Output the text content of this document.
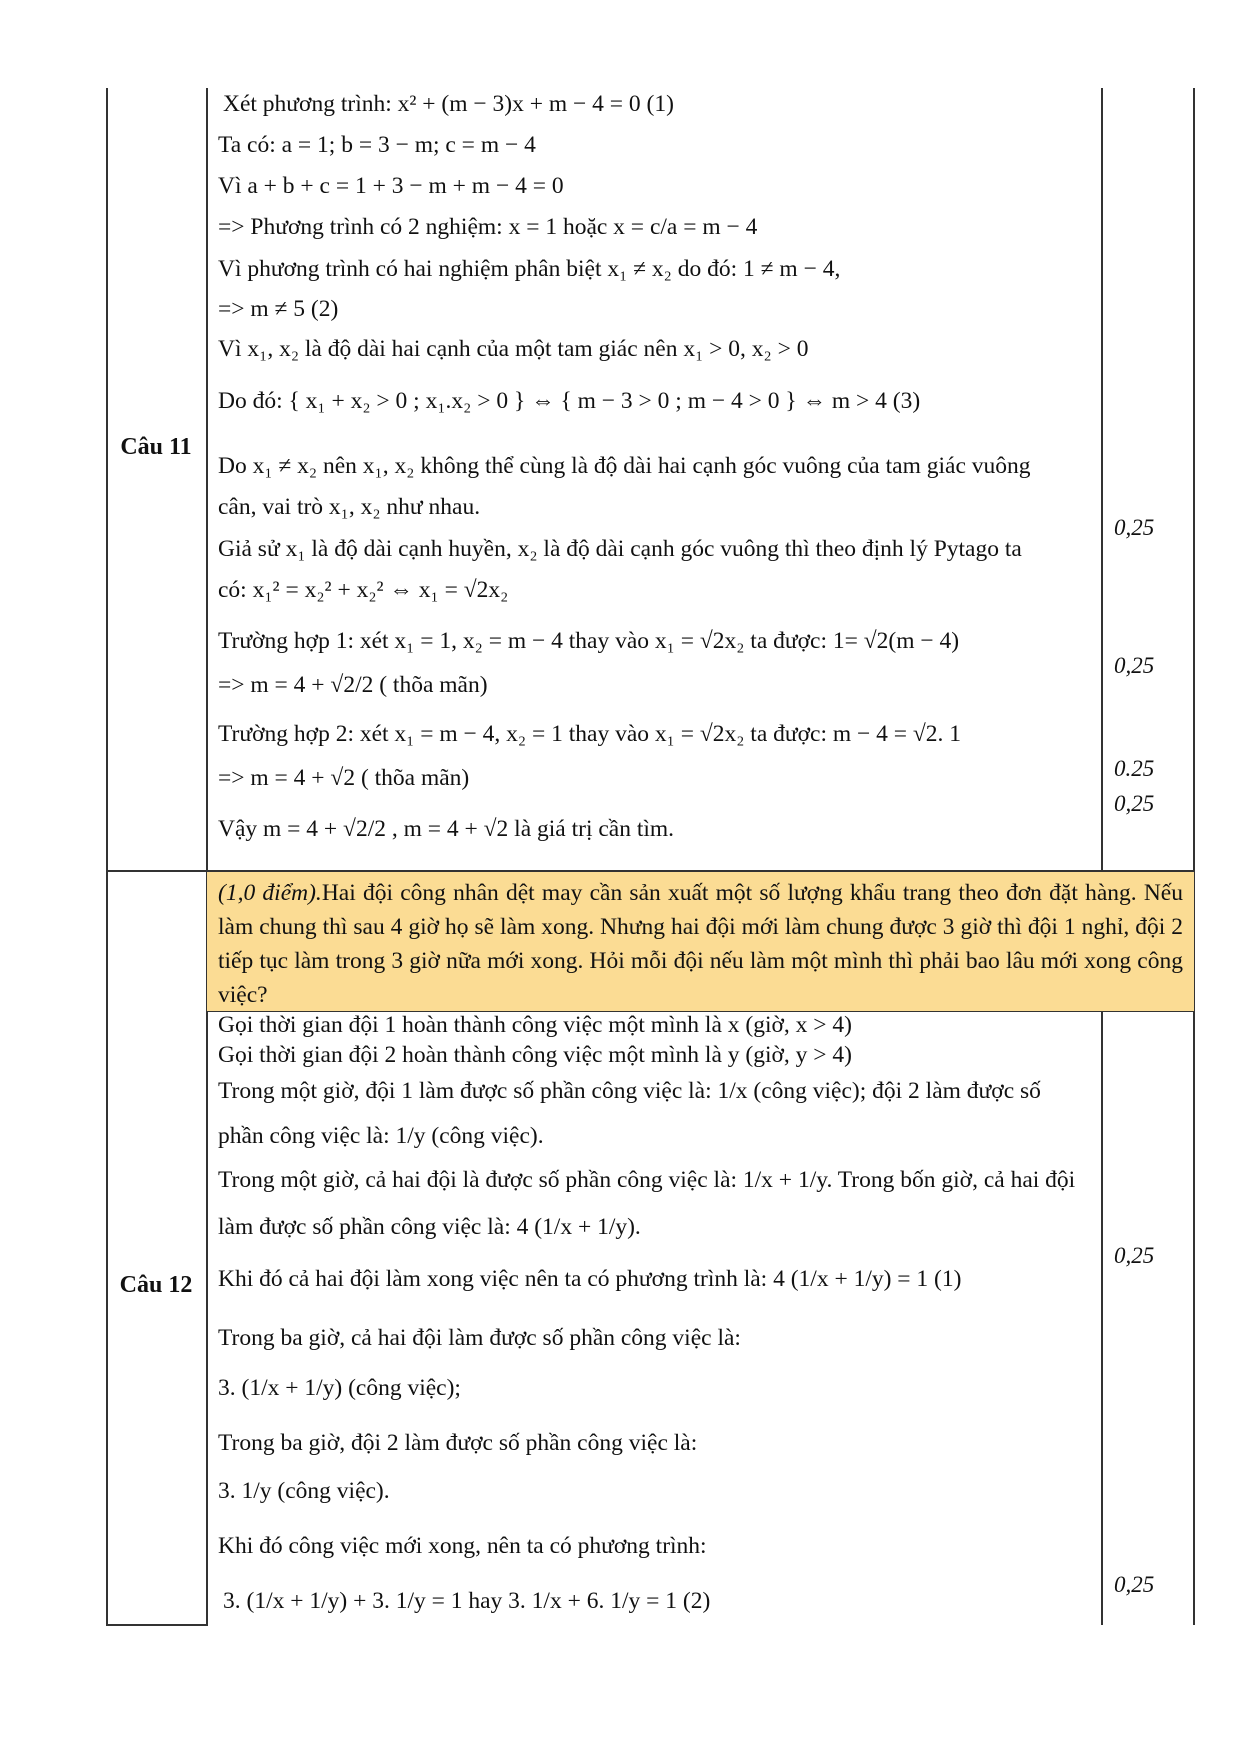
Câu 11
Xét phương trình: x² + (m − 3)x + m − 4 = 0 (1)
Ta có: a = 1; b = 3 − m; c = m − 4
Vì a + b + c = 1 + 3 − m + m − 4 = 0
=> Phương trình có 2 nghiệm: x = 1 hoặc x = c/a = m − 4
Vì phương trình có hai nghiệm phân biệt x₁ ≠ x₂ do đó: 1 ≠ m − 4,
=> m ≠ 5 (2)
Vì x₁, x₂ là độ dài hai cạnh của một tam giác nên x₁ > 0, x₂ > 0
Do đó: { x₁ + x₂ > 0 ; x₁.x₂ > 0 } ⇔ { m − 3 > 0 ; m − 4 > 0 } ⇔ m > 4 (3)
Do x₁ ≠ x₂ nên x₁, x₂ không thể cùng là độ dài hai cạnh góc vuông của tam giác vuông
cân, vai trò x₁, x₂ như nhau.
Giả sử x₁ là độ dài cạnh huyền, x₂ là độ dài cạnh góc vuông thì theo định lý Pytago ta
có: x₁² = x₂² + x₂² ⇔ x₁ = √2x₂
Trường hợp 1: xét x₁ = 1, x₂ = m − 4 thay vào x₁ = √2x₂ ta được: 1= √2(m − 4)
=> m = 4 + √2/2 ( thõa mãn)
Trường hợp 2: xét x₁ = m − 4, x₂ = 1 thay vào x₁ = √2x₂ ta được: m − 4 = √2. 1
=> m = 4 + √2 ( thõa mãn)
Vậy m = 4 + √2/2 , m = 4 + √2 là giá trị cần tìm.
0,25
0,25
0.25
0,25
(1,0 điểm).Hai đội công nhân dệt may cần sản xuất một số lượng khẩu trang theo đơn đặt hàng. Nếu làm chung thì sau 4 giờ họ sẽ làm xong. Nhưng hai đội mới làm chung được 3 giờ thì đội 1 nghỉ, đội 2 tiếp tục làm trong 3 giờ nữa mới xong. Hỏi mỗi đội nếu làm một mình thì phải bao lâu mới xong công việc?
Câu 12
Gọi thời gian đội 1 hoàn thành công việc một mình là x (giờ, x > 4)
Gọi thời gian đội 2 hoàn thành công việc một mình là y (giờ, y > 4)
Trong một giờ, đội 1 làm được số phần công việc là: 1/x (công việc); đội 2 làm được số
phần công việc là: 1/y (công việc).
Trong một giờ, cả hai đội là được số phần công việc là: 1/x + 1/y. Trong bốn giờ, cả hai đội
làm được số phần công việc là: 4 (1/x + 1/y).
Khi đó cả hai đội làm xong việc nên ta có phương trình là: 4 (1/x + 1/y) = 1 (1)
Trong ba giờ, cả hai đội làm được số phần công việc là:
3. (1/x + 1/y) (công việc);
Trong ba giờ, đội 2 làm được số phần công việc là:
3. 1/y (công việc).
Khi đó công việc mới xong, nên ta có phương trình:
3. (1/x + 1/y) + 3. 1/y = 1 hay 3. 1/x + 6. 1/y = 1 (2)
0,25
0,25
